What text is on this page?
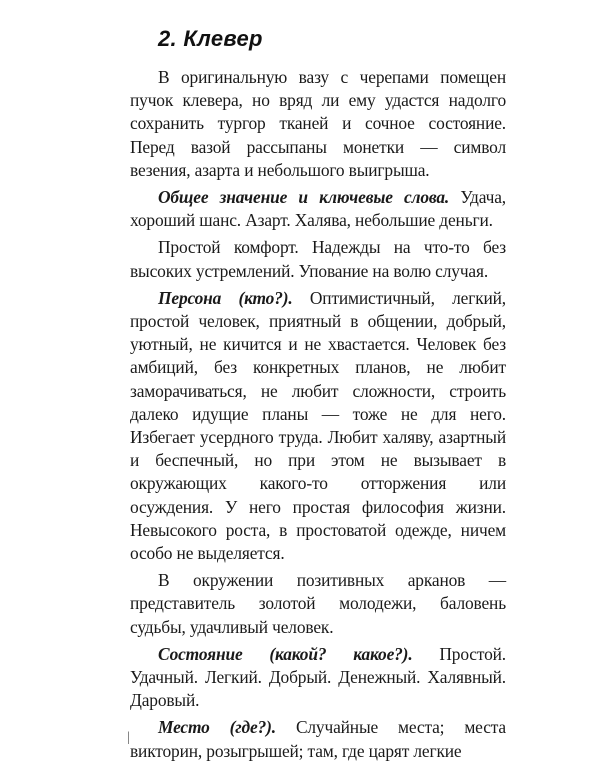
2. Клевер

В оригинальную вазу с черепами помещен пучок клевера, но вряд ли ему удастся надолго сохранить тургор тканей и сочное состояние. Перед вазой рассыпаны монетки — символ везения, азарта и небольшого выигрыша.

Общее значение и ключевые слова. Удача, хороший шанс. Азарт. Халява, небольшие деньги.

Простой комфорт. Надежды на что-то без высоких устремлений. Упование на волю случая.

Персона (кто?). Оптимистичный, легкий, простой человек, приятный в общении, добрый, уютный, не кичится и не хвастается. Человек без амбиций, без конкретных планов, не любит заморачиваться, не любит сложности, строить далеко идущие планы — тоже не для него. Избегает усердного труда. Любит халяву, азартный и беспечный, но при этом не вызывает в окружающих какого-то отторжения или осуждения. У него простая философия жизни. Невысокого роста, в простоватой одежде, ничем особо не выделяется.

В окружении позитивных арканов — представитель золотой молодежи, баловень судьбы, удачливый человек.

Состояние (какой? какое?). Простой. Удачный. Легкий. Добрый. Денежный. Халявный. Даровый.

Место (где?). Случайные места; места викторин, розыгрышей; там, где царят легкие

|
